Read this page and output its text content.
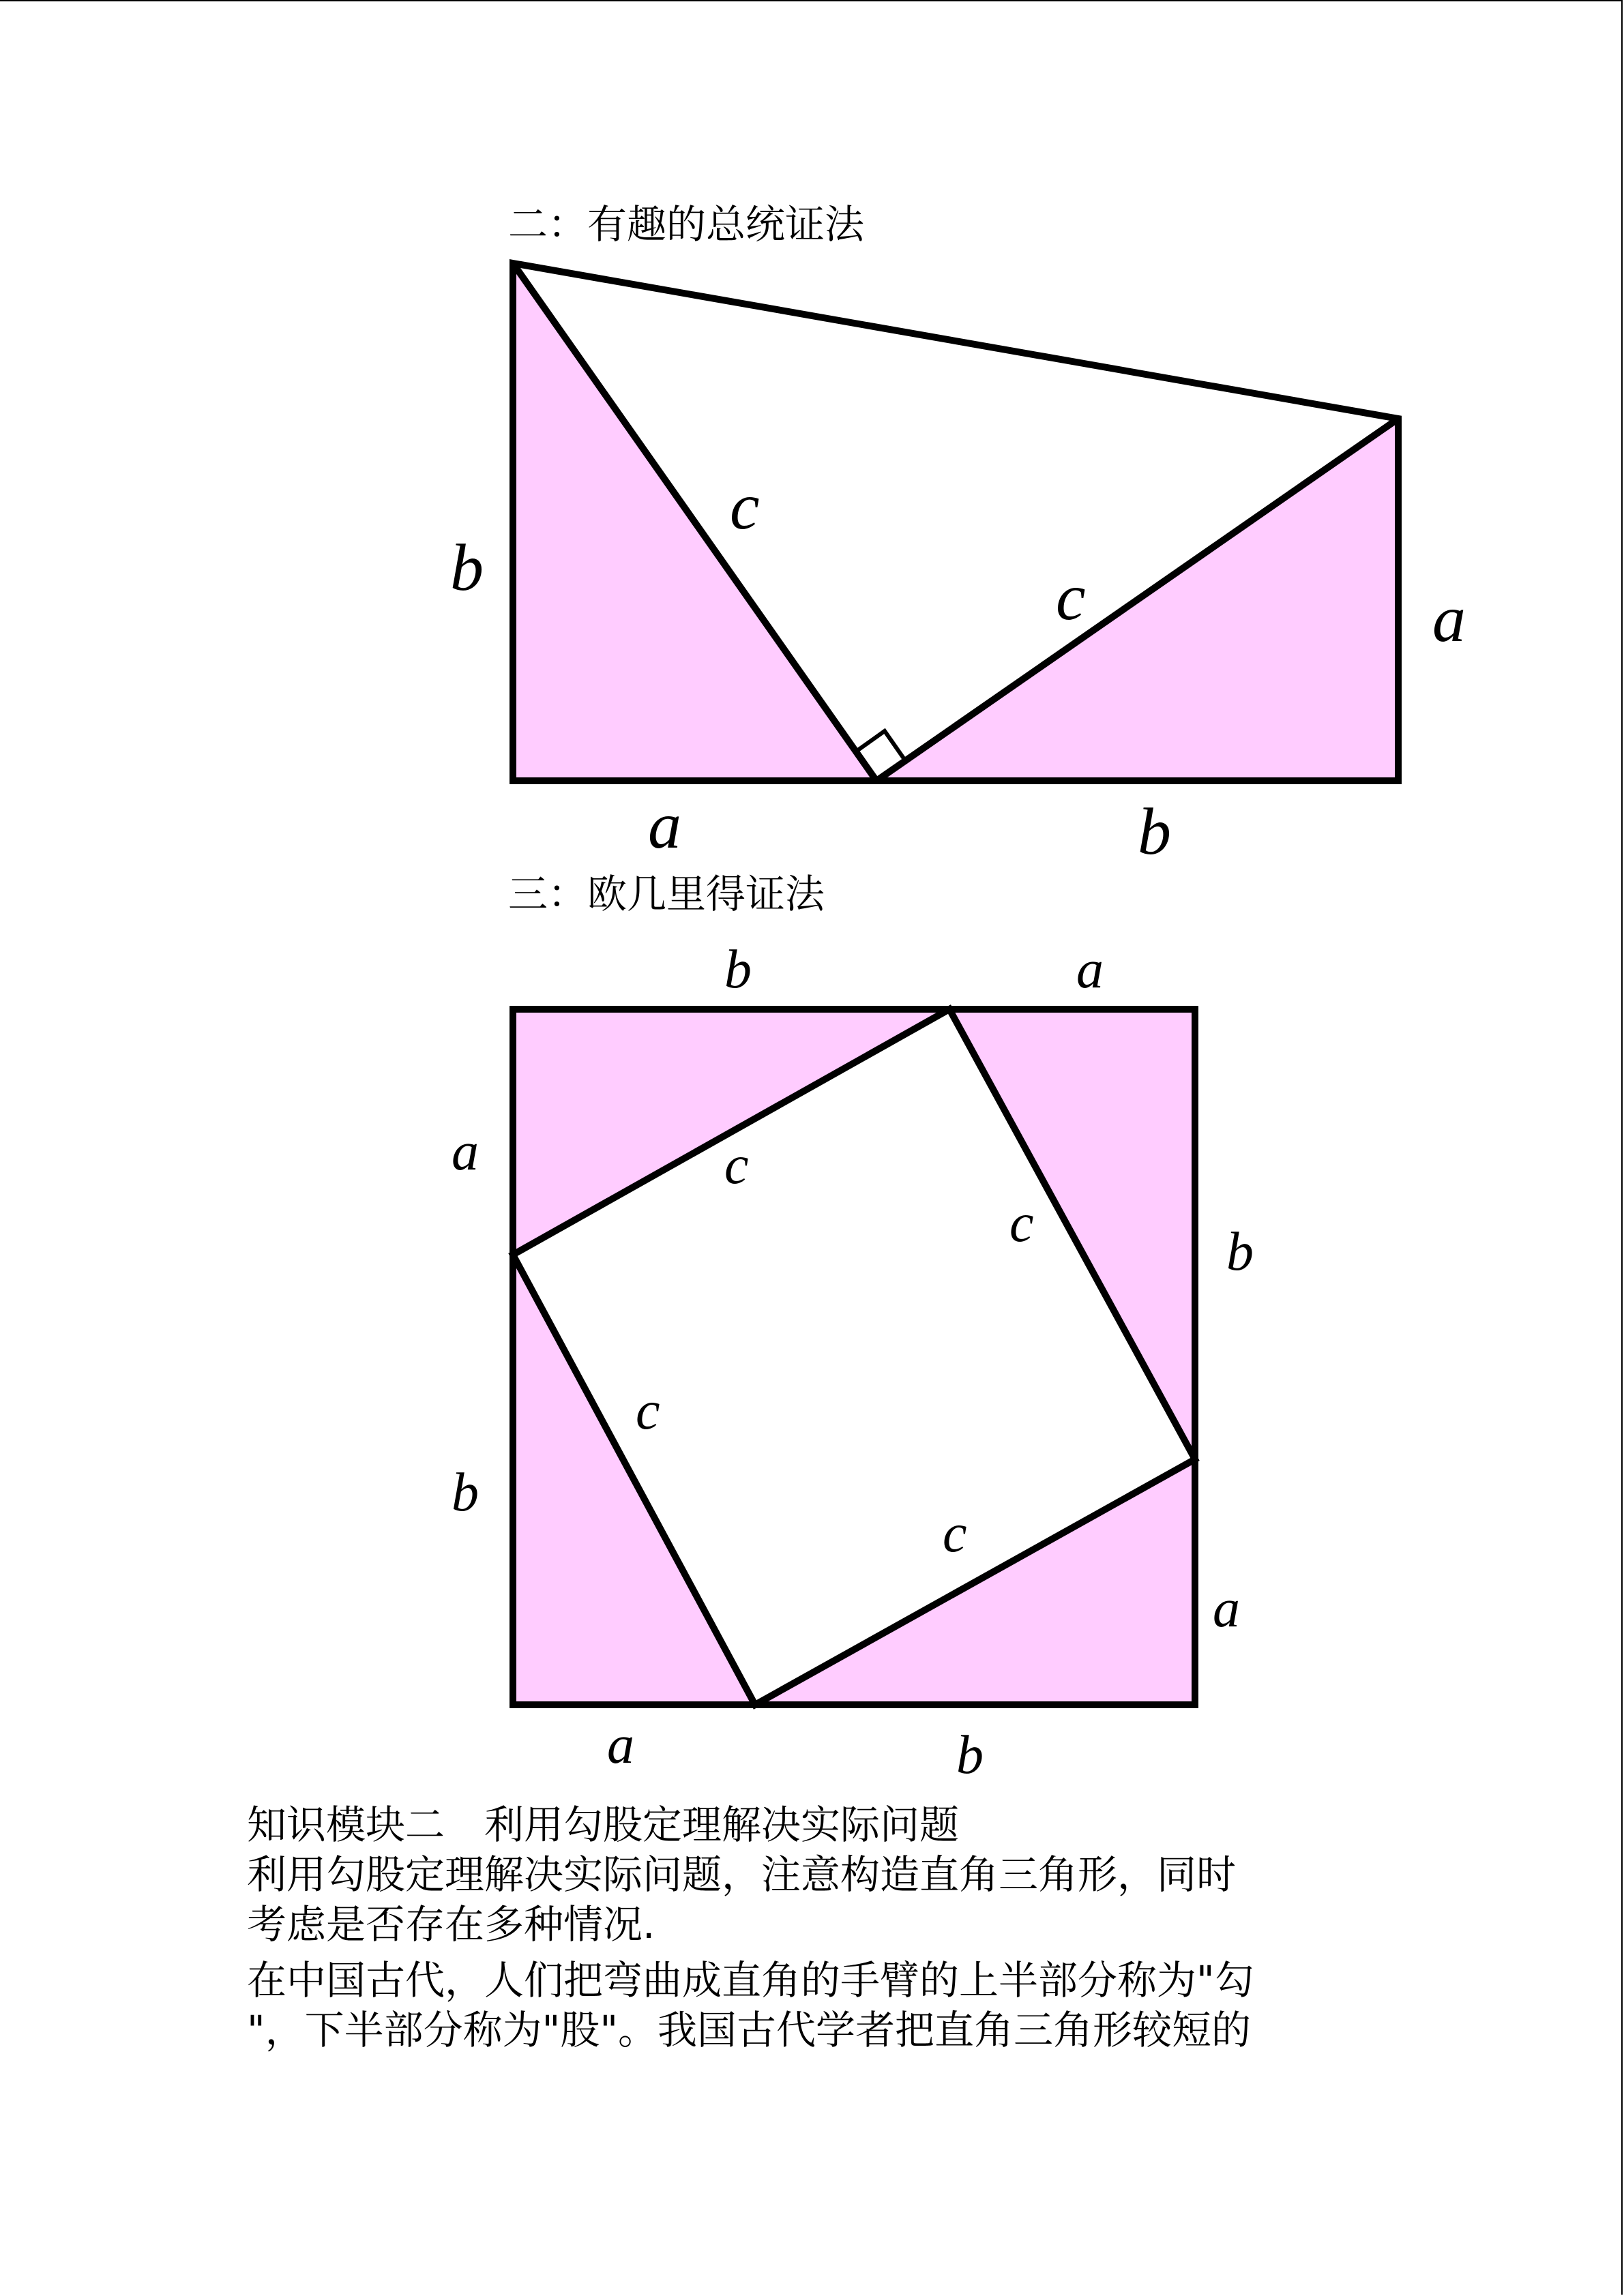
二：有趣的总统证法
b
c
c	a
a	b
三：欧几里得证法
b	a
a
b
c
c
c
b
c
a
a	b
知识模块二　利用勾股定理解决实际问题
利用勾股定理解决实际问题，注意构造直角三角形，同时
考虑是否存在多种情况.
在中国古代，人们把弯曲成直角的手臂的上半部分称为"勾
"，下半部分称为"股"。我国古代学者把直角三角形较短的
